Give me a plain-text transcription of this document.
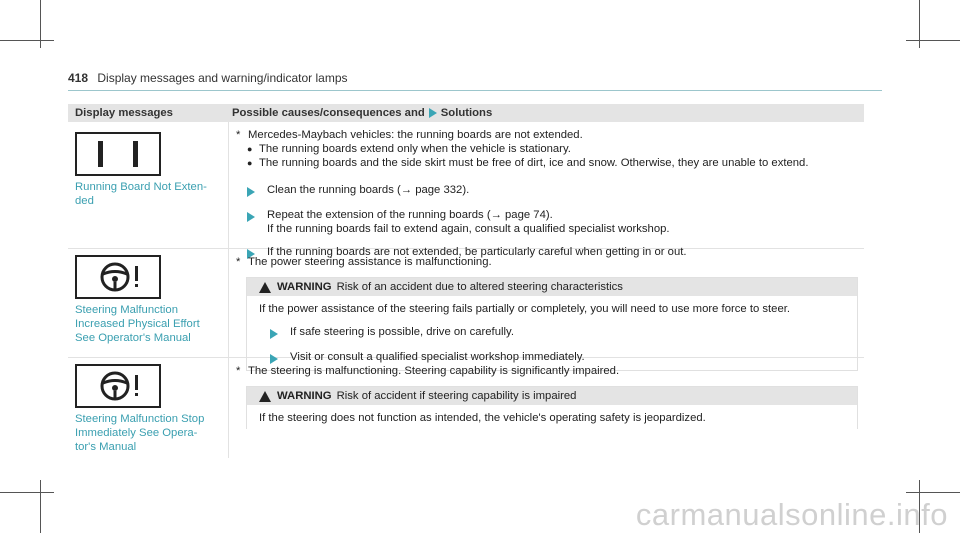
418 Display messages and warning/indicator lamps
Display messages	Possible causes/consequences and Solutions
Running Board Not Exten-
ded
* Mercedes-Maybach vehicles: the running boards are not extended.
● The running boards extend only when the vehicle is stationary.
● The running boards and the side skirt must be free of dirt, ice and snow. Otherwise, they are unable to extend.
Clean the running boards (→ page 332).
Repeat the extension of the running boards (→ page 74).
If the running boards fail to extend again, consult a qualified specialist workshop.
If the running boards are not extended, be particularly careful when getting in or out.
Steering Malfunction
Increased Physical Effort
See Operator's Manual
* The power steering assistance is malfunctioning.
WARNING Risk of an accident due to altered steering characteristics
If the power assistance of the steering fails partially or completely, you will need to use more force to steer.
If safe steering is possible, drive on carefully.
Visit or consult a qualified specialist workshop immediately.
Steering Malfunction Stop
Immediately See Opera-
tor's Manual
* The steering is malfunctioning. Steering capability is significantly impaired.
WARNING Risk of accident if steering capability is impaired
If the steering does not function as intended, the vehicle's operating safety is jeopardized.
carmanualsonline.info
